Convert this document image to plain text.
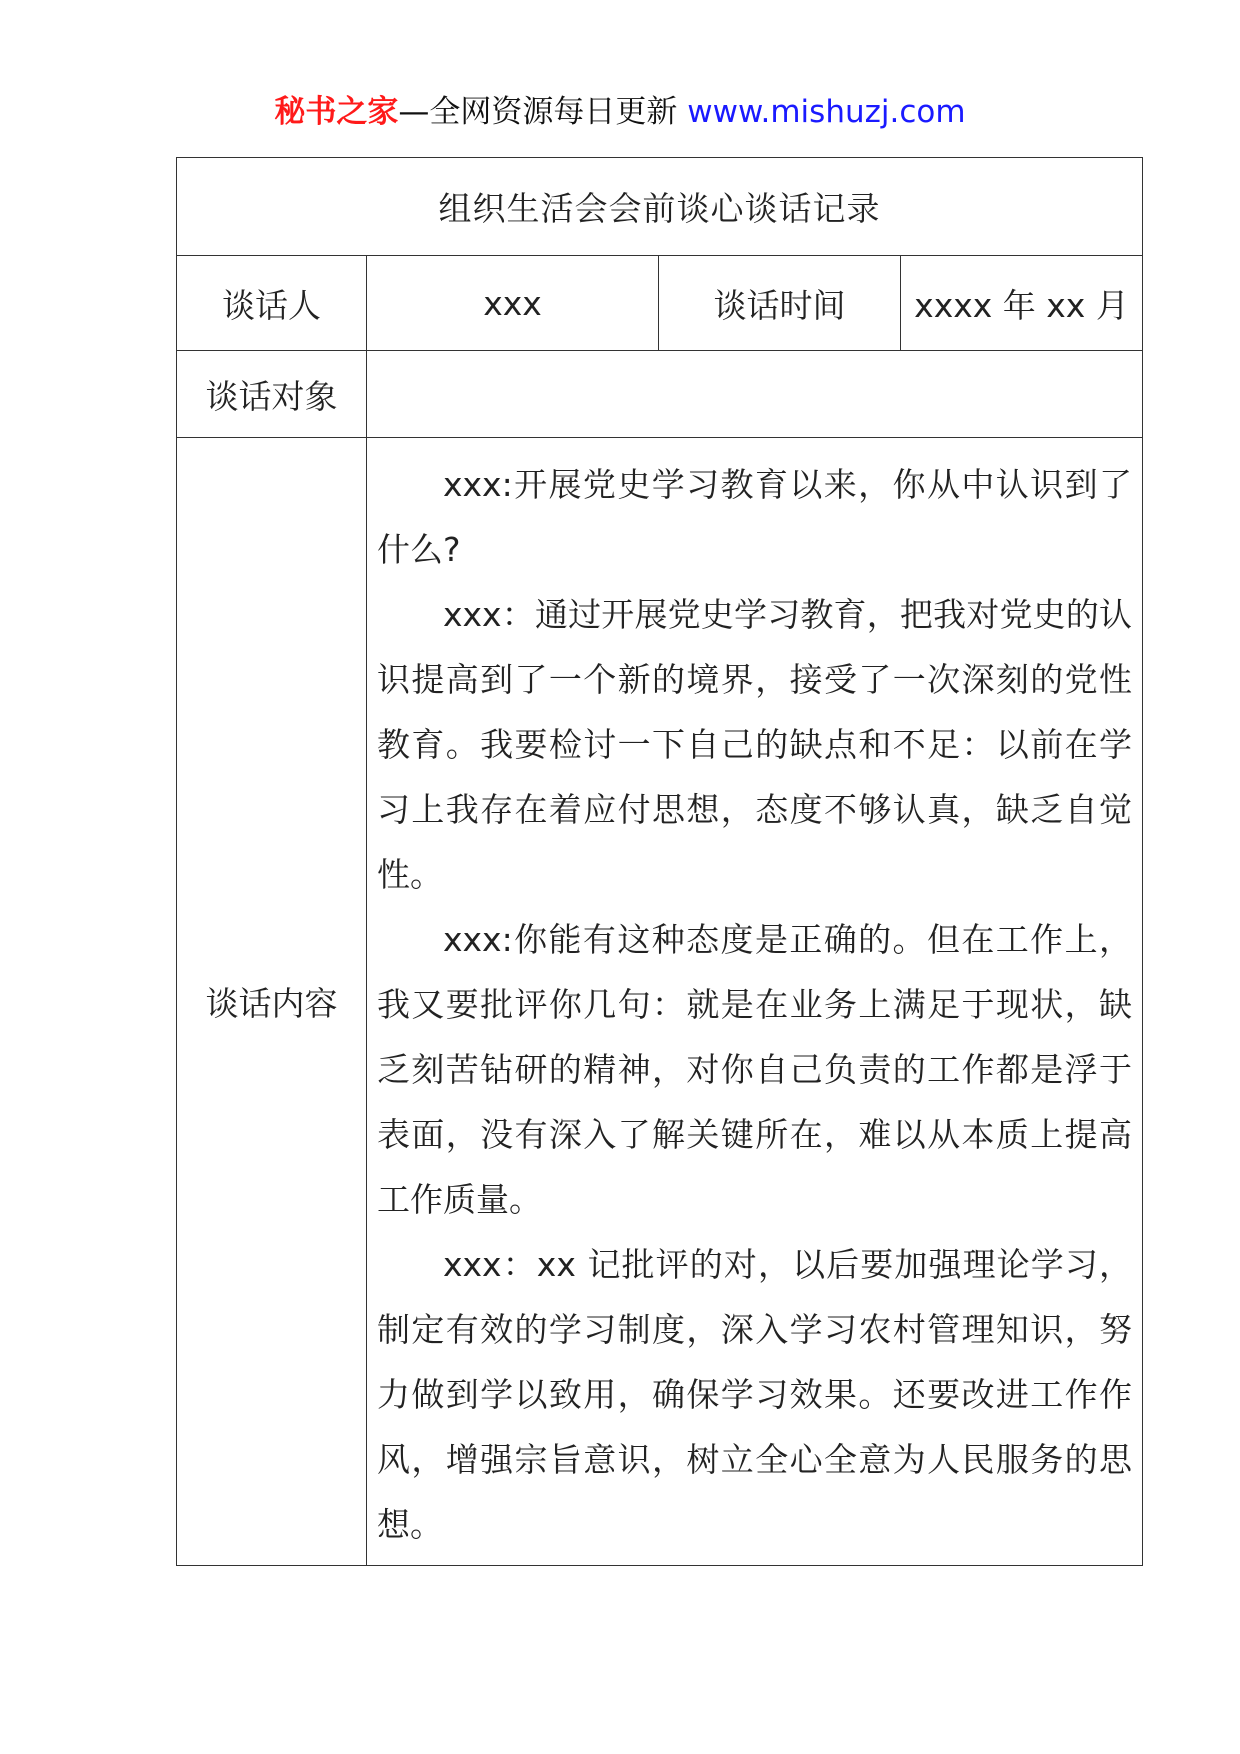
秘书之家—全网资源每日更新 www.mishuzj.com
组织生活会会前谈心谈话记录			
谈话人	xxx	谈话时间	xxxx 年 xx 月
谈话对象			
谈话内容	xxx:开展党史学习教育以来，你从中认识到了什么?

xxx：通过开展党史学习教育，把我对党史的认识提高到了一个新的境界，接受了一次深刻的党性教育。我要检讨一下自己的缺点和不足：以前在学习上我存在着应付思想，态度不够认真，缺乏自觉性。

xxx:你能有这种态度是正确的。但在工作上，我又要批评你几句：就是在业务上满足于现状，缺乏刻苦钻研的精神，对你自己负责的工作都是浮于表面，没有深入了解关键所在，难以从本质上提高工作质量。

xxx：xx 记批评的对，以后要加强理论学习，制定有效的学习制度，深入学习农村管理知识，努力做到学以致用，确保学习效果。还要改进工作作风，增强宗旨意识，树立全心全意为人民服务的思想。		
